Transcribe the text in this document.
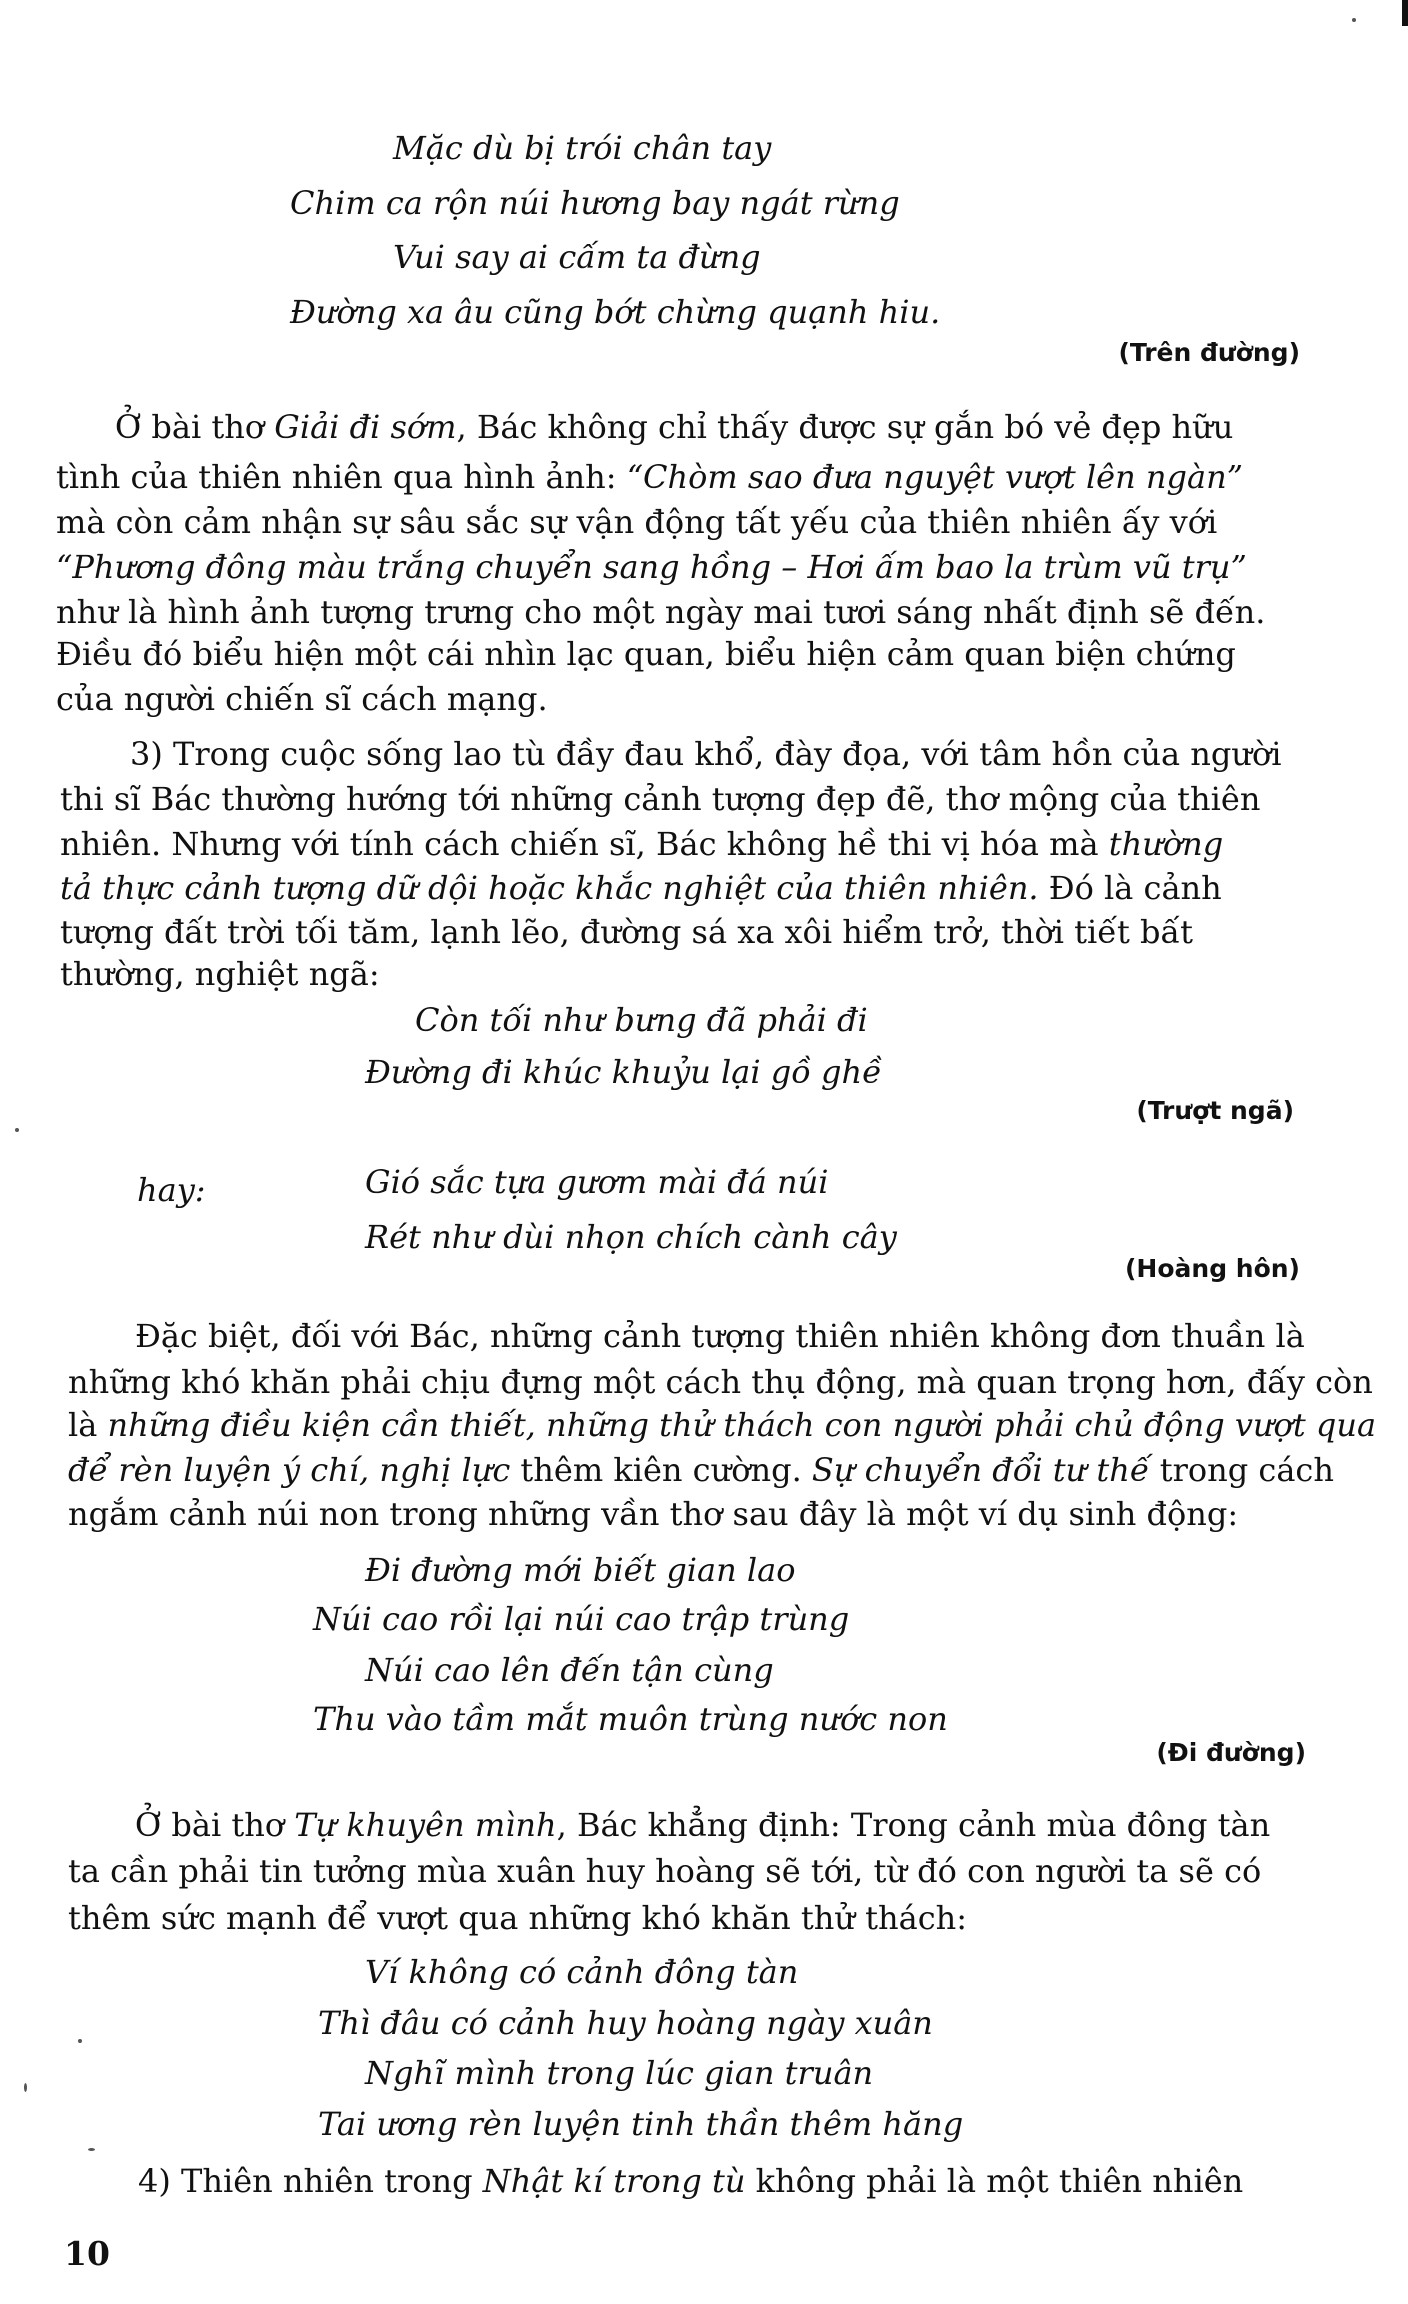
Mặc dù bị trói chân tay
Chim ca rộn núi hương bay ngát rừng
Vui say ai cấm ta đừng
Đường xa âu cũng bớt chừng quạnh hiu.
(Trên đường)
Ở bài thơ Giải đi sớm, Bác không chỉ thấy được sự gắn bó vẻ đẹp hữu
tình của thiên nhiên qua hình ảnh: “Chòm sao đưa nguyệt vượt lên ngàn”
mà còn cảm nhận sự sâu sắc sự vận động tất yếu của thiên nhiên ấy với
“Phương đông màu trắng chuyển sang hồng – Hơi ấm bao la trùm vũ trụ”
như là hình ảnh tượng trưng cho một ngày mai tươi sáng nhất định sẽ đến.
Điều đó biểu hiện một cái nhìn lạc quan, biểu hiện cảm quan biện chứng
của người chiến sĩ cách mạng.
3) Trong cuộc sống lao tù đầy đau khổ, đày đọa, với tâm hồn của người
thi sĩ Bác thường hướng tới những cảnh tượng đẹp đẽ, thơ mộng của thiên
nhiên. Nhưng với tính cách chiến sĩ, Bác không hề thi vị hóa mà thường
tả thực cảnh tượng dữ dội hoặc khắc nghiệt của thiên nhiên. Đó là cảnh
tượng đất trời tối tăm, lạnh lẽo, đường sá xa xôi hiểm trở, thời tiết bất
thường, nghiệt ngã:
Còn tối như bưng đã phải đi
Đường đi khúc khuỷu lại gồ ghề
(Trượt ngã)
hay:	Gió sắc tựa gươm mài đá núi
Rét như dùi nhọn chích cành cây
(Hoàng hôn)
Đặc biệt, đối với Bác, những cảnh tượng thiên nhiên không đơn thuần là
những khó khăn phải chịu đựng một cách thụ động, mà quan trọng hơn, đấy còn
là những điều kiện cần thiết, những thử thách con người phải chủ động vượt qua
để rèn luyện ý chí, nghị lực thêm kiên cường. Sự chuyển đổi tư thế trong cách
ngắm cảnh núi non trong những vần thơ sau đây là một ví dụ sinh động:
Đi đường mới biết gian lao
Núi cao rồi lại núi cao trập trùng
Núi cao lên đến tận cùng
Thu vào tầm mắt muôn trùng nước non
(Đi đường)
Ở bài thơ Tự khuyên mình, Bác khẳng định: Trong cảnh mùa đông tàn
ta cần phải tin tưởng mùa xuân huy hoàng sẽ tới, từ đó con người ta sẽ có
thêm sức mạnh để vượt qua những khó khăn thử thách:
Ví không có cảnh đông tàn
Thì đâu có cảnh huy hoàng ngày xuân
Nghĩ mình trong lúc gian truân
Tai ương rèn luyện tinh thần thêm hăng
4) Thiên nhiên trong Nhật kí trong tù không phải là một thiên nhiên
10
